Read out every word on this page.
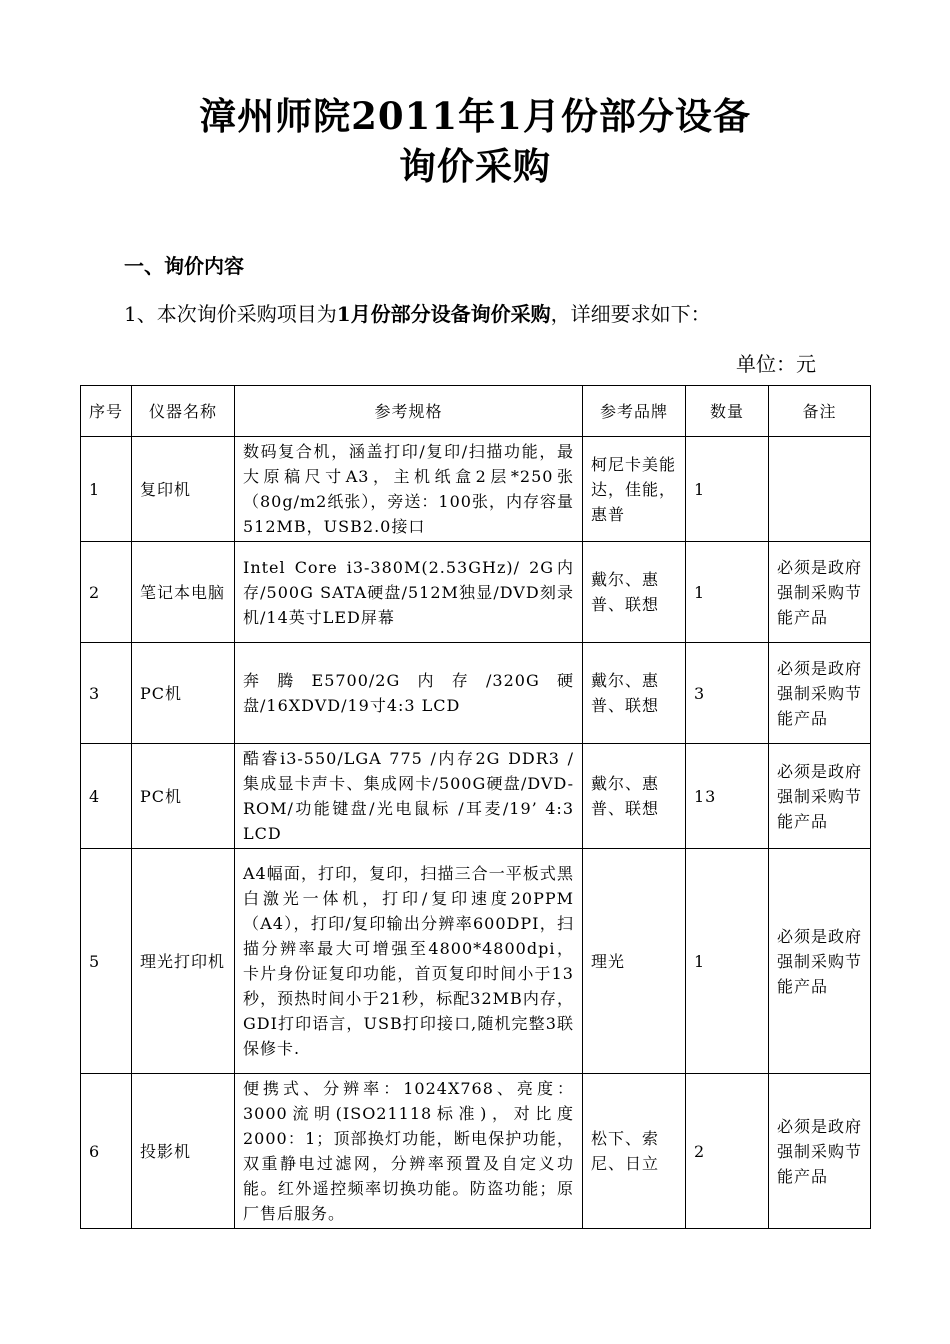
漳州师院2011年1月份部分设备
询价采购
一、询价内容
1、本次询价采购项目为1月份部分设备询价采购，详细要求如下：
单位：元
序号	仪器名称	参考规格	参考品牌	数量	备注
1	复印机	数码复合机，涵盖打印/复印/扫描功能，最大原稿尺寸A3，主机纸盒2层*250张（80g/m2纸张），旁送：100张，内存容量512MB，USB2.0接口	柯尼卡美能达，佳能，惠普	1	
2	笔记本电脑	Intel Core i3-380M(2.53GHz)/ 2G内存/500G SATA硬盘/512M独显/DVD刻录机/14英寸LED屏幕	戴尔、惠普、联想	1	必须是政府强制采购节能产品
3	PC机	奔腾E5700/2G内存/320G硬盘/16XDVD/19寸4:3 LCD	戴尔、惠普、联想	3	必须是政府强制采购节能产品
4	PC机	酷睿i3-550/LGA 775 /内存2G DDR3 /集成显卡声卡、集成网卡/500G硬盘/DVD-ROM/功能键盘/光电鼠标 /耳麦/19’ 4:3 LCD	戴尔、惠普、联想	13	必须是政府强制采购节能产品
5	理光打印机	A4幅面，打印，复印，扫描三合一平板式黑白激光一体机，打印/复印速度20PPM（A4），打印/复印输出分辨率600DPI，扫描分辨率最大可增强至4800*4800dpi，卡片身份证复印功能，首页复印时间小于13秒，预热时间小于21秒，标配32MB内存，GDI打印语言，USB打印接口,随机完整3联保修卡.	理光	1	必须是政府强制采购节能产品
6	投影机	便携式、分辨率：1024X768、亮度：3000流明(ISO21118标准)，对比度2000：1；顶部换灯功能，断电保护功能，双重静电过滤网，分辨率预置及自定义功能。红外遥控频率切换功能。防盗功能；原厂售后服务。	松下、索尼、日立	2	必须是政府强制采购节能产品
